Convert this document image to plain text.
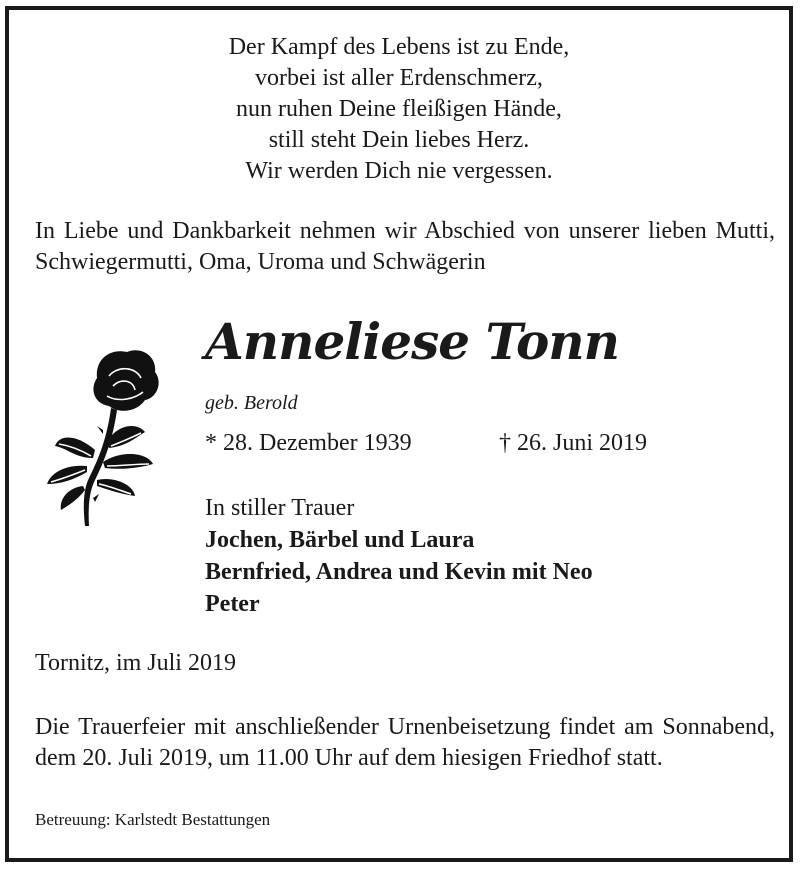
Der Kampf des Lebens ist zu Ende,
vorbei ist aller Erdenschmerz,
nun ruhen Deine fleißigen Hände,
still steht Dein liebes Herz.
Wir werden Dich nie vergessen.
In Liebe und Dankbarkeit nehmen wir Abschied von unserer lieben Mutti, Schwiegermutti, Oma, Uroma und Schwägerin
Anneliese Tonn
geb. Berold
* 28. Dezember 1939	† 26. Juni 2019
In stiller Trauer
Jochen, Bärbel und Laura
Bernfried, Andrea und Kevin mit Neo
Peter
Tornitz, im Juli 2019
Die Trauerfeier mit anschließender Urnenbeisetzung findet am Sonnabend, dem 20. Juli 2019, um 11.00 Uhr auf dem hiesigen Friedhof statt.
Betreuung: Karlstedt Bestattungen
